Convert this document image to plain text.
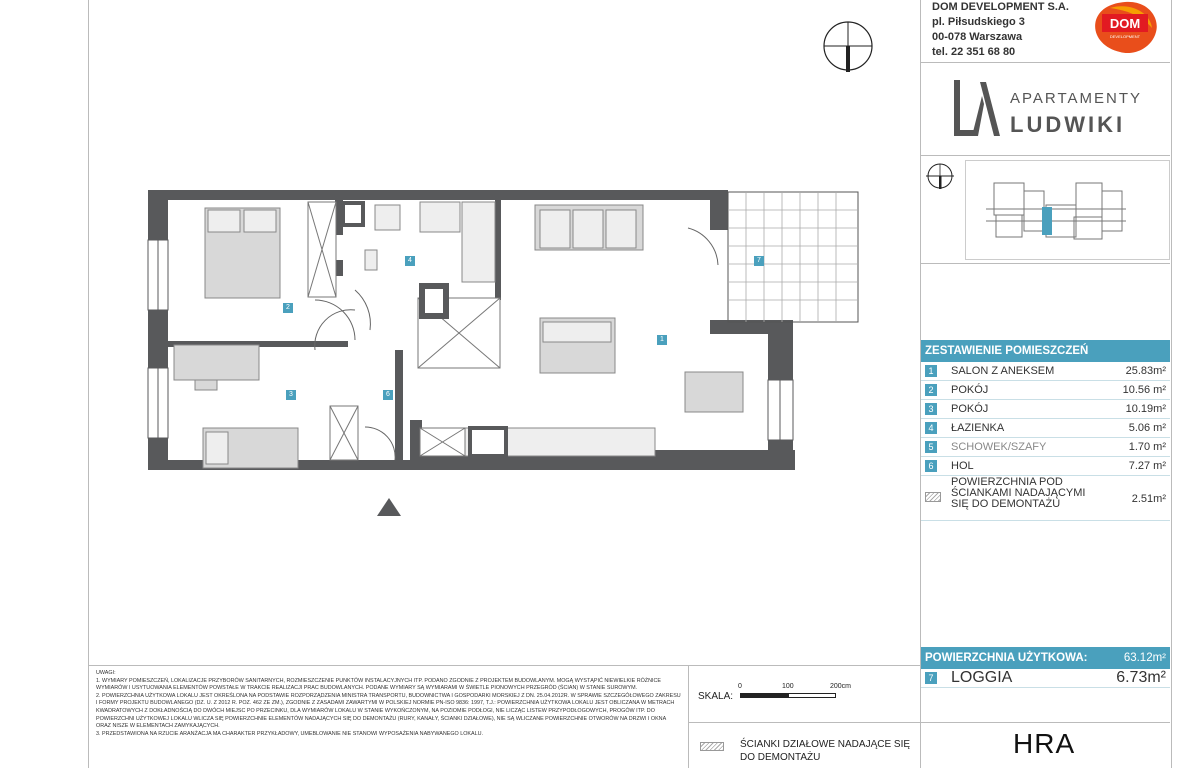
DOM DEVELOPMENT S.A.
pl. Piłsudskiego 3
00-078 Warszawa
tel. 22 351 68 80
DOM
DEVELOPMENT
APARTAMENTY
LUDWIKI
1
2
3
4
6
7
ZESTAWIENIE POMIESZCZEŃ
1	SALON Z ANEKSEM	25.83m²
2	POKÓJ	10.56 m²
3	POKÓJ	10.19m²
4	ŁAZIENKA	5.06 m²
5	SCHOWEK/SZAFY	1.70 m²
6	HOL	7.27 m²
POWIERZCHNIA POD ŚCIANKAMI NADAJĄCYMI SIĘ DO DEMONTAŻU	2.51m²
POWIERZCHNIA UŻYTKOWA:	63.12m²
7 LOGGIA	6.73m²
HRA

UWAGI:

1. WYMIARY POMIESZCZEŃ, LOKALIZACJE PRZYBORÓW SANITARNYCH, ROZMIESZCZENIE PUNKTÓW INSTALACYJNYCH ITP. PODANO ZGODNIE Z PROJEKTEM BUDOWLANYM. MOGĄ WYSTĄPIĆ NIEWIELKIE RÓŻNICE WYMIARÓW I USYTUOWANIA ELEMENTÓW POWSTAŁE W TRAKCIE REALIZACJI PRAC BUDOWLANYCH. PODANE WYMIARY SĄ WYMIARAMI W ŚWIETLE PIONOWYCH PRZEGRÓD (ŚCIAN) W STANIE SUROWYM.

2. POWIERZCHNIA UŻYTKOWA LOKALU JEST OKREŚLONA NA PODSTAWIE ROZPORZĄDZENIA MINISTRA TRANSPORTU, BUDOWNICTWA I GOSPODARKI MORSKIEJ Z DN. 25.04.2012R. W SPRAWIE SZCZEGÓŁOWEGO ZAKRESU I FORMY PROJEKTU BUDOWLANEGO (DZ. U. Z 2012 R. POZ. 462 ZE ZM.), ZGODNIE Z ZASADAMI ZAWARTYMI W POLSKIEJ NORMIE PN-ISO 9836: 1997, T.J.: POWIERZCHNIA UŻYTKOWA LOKALU JEST OBLICZANA W METRACH KWADRATOWYCH Z DOKŁADNOŚCIĄ DO DWÓCH MIEJSC PO PRZECINKU, DLA WYMIARÓW LOKALU W STANIE WYKOŃCZONYM, NA POZIOMIE PODŁOGI, NIE LICZĄC LISTEW PRZYPODŁOGOWYCH, PROGÓW ITP. DO POWIERZCHNI UŻYTKOWEJ LOKALU WLICZA SIĘ POWIERZCHNIE ELEMENTÓW NADAJĄCYCH SIĘ DO DEMONTAŻU (RURY, KANAŁY, ŚCIANKI DZIAŁOWE), NIE SĄ WLICZANE POWIERZCHNIE OTWORÓW NA DRZWI I OKNA ORAZ NISZE W ELEMENTACH ZAMYKAJĄCYCH.

3. PRZEDSTAWIONA NA RZUCIE ARANŻACJA MA CHARAKTER PRZYKŁADOWY, UMEBLOWANIE NIE STANOWI WYPOSAŻENIA NABYWANEGO LOKALU.

SKALA:
0	100	200cm
ŚCIANKI DZIAŁOWE NADAJĄCE SIĘ DO DEMONTAŻU
